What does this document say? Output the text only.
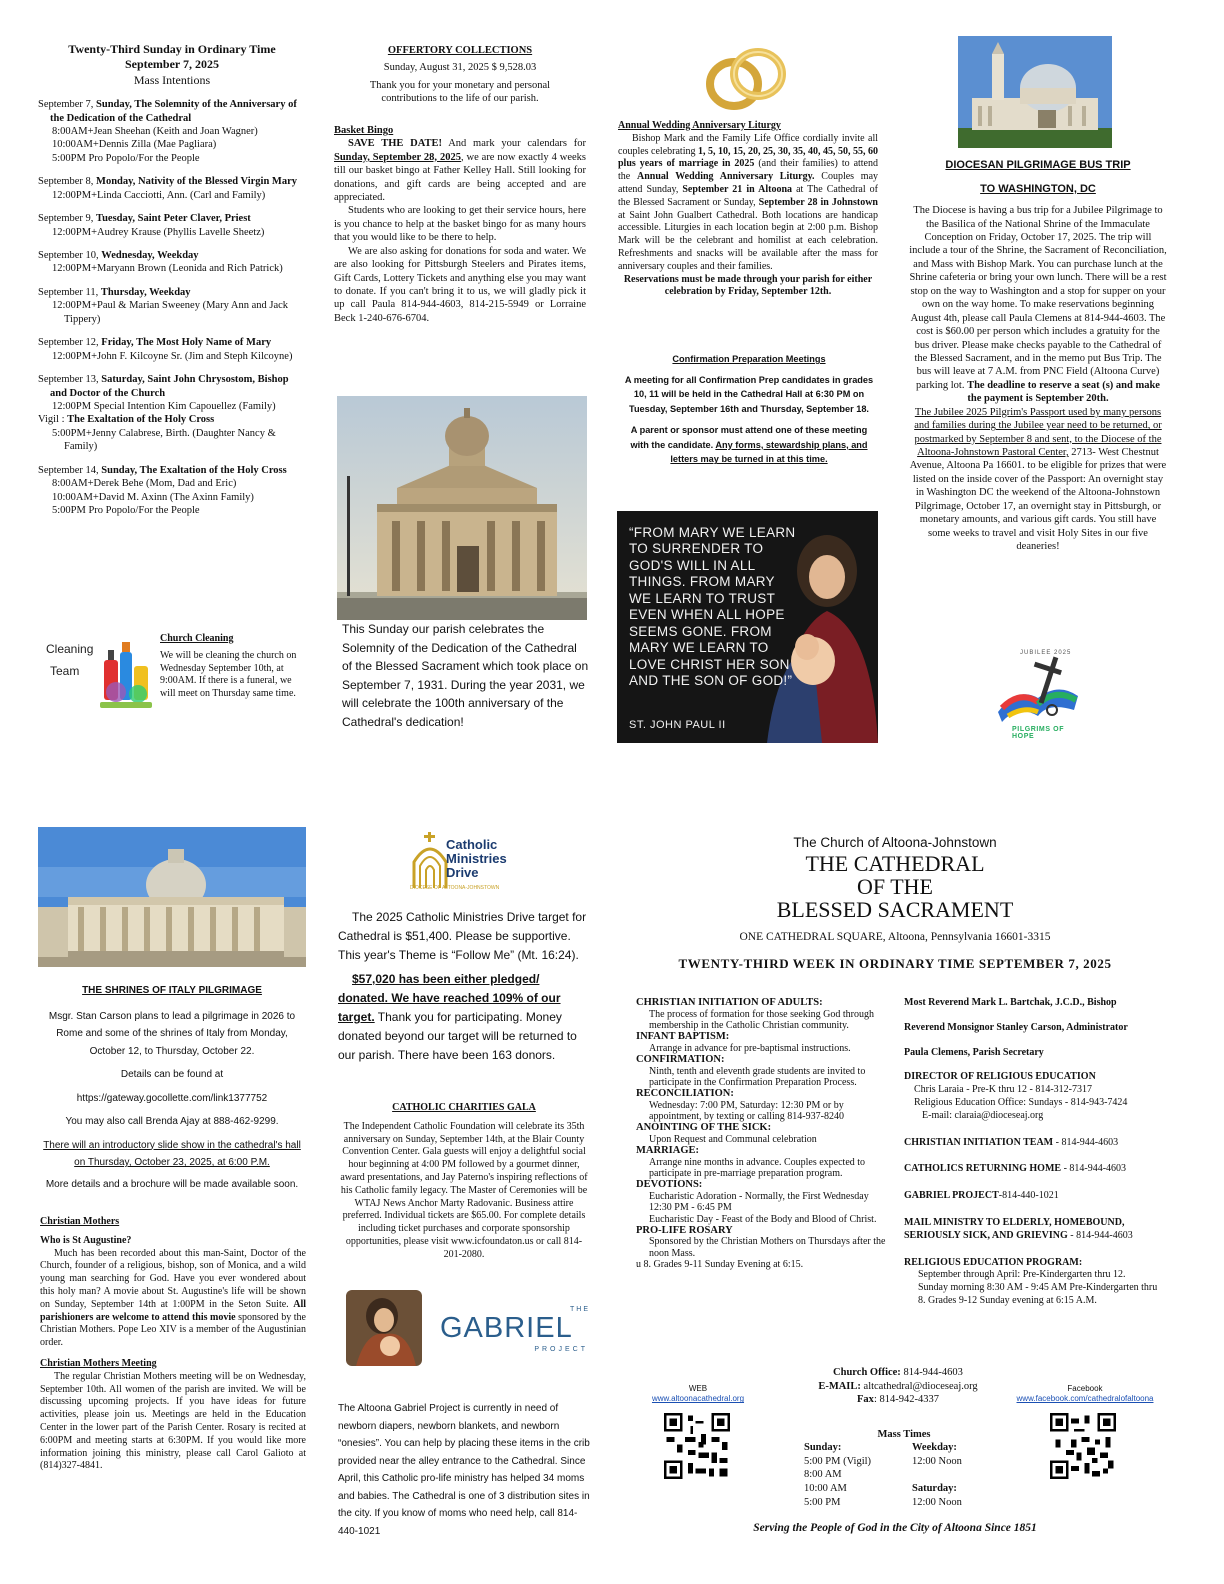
Twenty-Third Sunday in Ordinary Time
September 7, 2025
Mass Intentions
September 7, Sunday, The Solemnity of the Anniversary of the Dedication of the Cathedral
8:00AM+Jean Sheehan (Keith and Joan Wagner)
10:00AM+Dennis Zilla (Mae Pagliara)
5:00PM Pro Popolo/For the People
September 8, Monday, Nativity of the Blessed Virgin Mary
12:00PM+Linda Cacciotti, Ann. (Carl and Family)
September 9, Tuesday, Saint Peter Claver, Priest
12:00PM+Audrey Krause (Phyllis Lavelle Sheetz)
September 10, Wednesday, Weekday
12:00PM+Maryann Brown (Leonida and Rich Patrick)
September 11, Thursday, Weekday
12:00PM+Paul & Marian Sweeney (Mary Ann and Jack Tippery)
September 12, Friday, The Most Holy Name of Mary
12:00PM+John F. Kilcoyne Sr. (Jim and Steph Kilcoyne)
September 13, Saturday, Saint John Chrysostom, Bishop and Doctor of the Church
12:00PM Special Intention Kim Capouellez (Family)
Vigil : The Exaltation of the Holy Cross
5:00PM+Jenny Calabrese, Birth. (Daughter Nancy & Family)
September 14, Sunday, The Exaltation of the Holy Cross
8:00AM+Derek Behe (Mom, Dad and Eric)
10:00AM+David M. Axinn (The Axinn Family)
5:00PM Pro Popolo/For the People
Cleaning
Team
Church Cleaning
We will be cleaning the church on Wednesday September 10th, at 9:00AM. If there is a funeral, we will meet on Thursday same time.
OFFERTORY COLLECTIONS
Sunday, August 31, 2025 $ 9,528.03
Thank you for your monetary and personal contributions to the life of our parish.
Basket Bingo

SAVE THE DATE! And mark your calendars for Sunday, September 28, 2025, we are now exactly 4 weeks till our basket bingo at Father Kelley Hall. Still looking for donations, and gift cards are being accepted and are appreciated.

Students who are looking to get their service hours, here is you chance to help at the basket bingo for as many hours that you would like to be there to help.

We are also asking for donations for soda and water. We are also looking for Pittsburgh Steelers and Pirates items, Gift Cards, Lottery Tickets and anything else you may want to donate. If you can't bring it to us, we will gladly pick it up call Paula 814-944-4603, 814-215-5949 or Lorraine Beck 1-240-676-6704.

This Sunday our parish celebrates the Solemnity of the Dedication of the Cathedral of the Blessed Sacrament which took place on September 7, 1931. During the year 2031, we will celebrate the 100th anniversary of the Cathedral's dedication!
Annual Wedding Anniversary Liturgy

Bishop Mark and the Family Life Office cordially invite all couples celebrating 1, 5, 10, 15, 20, 25, 30, 35, 40, 45, 50, 55, 60 plus years of marriage in 2025 (and their families) to attend the Annual Wedding Anniversary Liturgy. Couples may attend Sunday, September 21 in Altoona at The Cathedral of the Blessed Sacrament or Sunday, September 28 in Johnstown at Saint John Gualbert Cathedral. Both locations are handicap accessible. Liturgies in each location begin at 2:00 p.m. Bishop Mark will be the celebrant and homilist at each celebration. Refreshments and snacks will be available after the mass for anniversary couples and their families.

Reservations must be made through your parish for either celebration by Friday, September 12th.

Confirmation Preparation Meetings

A meeting for all Confirmation Prep candidates in grades 10, 11 will be held in the Cathedral Hall at 6:30 PM on Tuesday, September 16th and Thursday, September 18.

A parent or sponsor must attend one of these meeting with the candidate. Any forms, stewardship plans, and letters may be turned in at this time.

“FROM MARY WE LEARN TO SURRENDER TO GOD'S WILL IN ALL THINGS. FROM MARY WE LEARN TO TRUST EVEN WHEN ALL HOPE SEEMS GONE. FROM MARY WE LEARN TO LOVE CHRIST HER SON AND THE SON OF GOD!”
ST. JOHN PAUL II
DIOCESAN PILGRIMAGE BUS TRIP
TO WASHINGTON, DC

The Diocese is having a bus trip for a Jubilee Pilgrimage to the Basilica of the National Shrine of the Immaculate Conception on Friday, October 17, 2025. The trip will include a tour of the Shrine, the Sacrament of Reconciliation, and Mass with Bishop Mark. You can purchase lunch at the Shrine cafeteria or bring your own lunch. There will be a rest stop on the way to Washington and a stop for supper on your own on the way home. To make reservations beginning August 4th, please call Paula Clemens at 814-944-4603. The cost is $60.00 per person which includes a gratuity for the bus driver. Please make checks payable to the Cathedral of the Blessed Sacrament, and in the memo put Bus Trip. The bus will leave at 7 A.M. from PNC Field (Altoona Curve) parking lot. The deadline to reserve a seat (s) and make the payment is September 20th.

The Jubilee 2025 Pilgrim's Passport used by many persons and families during the Jubilee year need to be returned, or postmarked by September 8 and sent, to the Diocese of the Altoona-Johnstown Pastoral Center, 2713- West Chestnut Avenue, Altoona Pa 16601. to be eligible for prizes that were listed on the inside cover of the Passport: An overnight stay in Washington DC the weekend of the Altoona-Johnstown Pilgrimage, October 17, an overnight stay in Pittsburgh, or monetary amounts, and various gift cards. You still have some weeks to travel and visit Holy Sites in our five deaneries!

JUBILEE 2025
PILGRIMS OF HOPE
THE SHRINES OF ITALY PILGRIMAGE

Msgr. Stan Carson plans to lead a pilgrimage in 2026 to Rome and some of the shrines of Italy from Monday, October 12, to Thursday, October 22.

Details can be found at

https://gateway.gocollette.com/link1377752

You may also call Brenda Ajay at 888-462-9299.

There will an introductory slide show in the cathedral's hall on Thursday, October 23, 2025, at 6:00 P.M.

More details and a brochure will be made available soon.

Christian Mothers
Who is St Augustine?

Much has been recorded about this man-Saint, Doctor of the Church, founder of a religious, bishop, son of Monica, and a wild young man searching for God. Have you ever wondered about this holy man? A movie about St. Augustine's life will be shown on Sunday, September 14th at 1:00PM in the Seton Suite. All parishioners are welcome to attend this movie sponsored by the Christian Mothers. Pope Leo XIV is a member of the Augustinian order.

Christian Mothers Meeting

The regular Christian Mothers meeting will be on Wednesday, September 10th. All women of the parish are invited. We will be discussing upcoming projects. If you have ideas for future activities, please join us. Meetings are held in the Education Center in the lower part of the Parish Center. Rosary is recited at 6:00PM and meeting starts at 6:30PM. If you would like more information joining this ministry, please call Carol Galioto at (814)327-4841.

Catholic
Ministries
Drive
DIOCESE OF ALTOONA-JOHNSTOWN

The 2025 Catholic Ministries Drive target for Cathedral is $51,400. Please be supportive. This year's Theme is “Follow Me” (Mt. 16:24).

$57,020 has been either pledged/ donated. We have reached 109% of our target. Thank you for participating. Money donated beyond our target will be returned to our parish. There have been 163 donors.

CATHOLIC CHARITIES GALA

The Independent Catholic Foundation will celebrate its 35th anniversary on Sunday, September 14th, at the Blair County Convention Center. Gala guests will enjoy a delightful social hour beginning at 4:00 PM followed by a gourmet dinner, award presentations, and Jay Paterno's inspiring reflections of his Catholic family legacy. The Master of Ceremonies will be WTAJ News Anchor Marty Radovanic. Business attire preferred. Individual tickets are $65.00. For complete details including ticket purchases and corporate sponsorship opportunities, please visit www.icfoundaton.us or call 814-201-2080.

THE
GABRIEL
PROJECT

The Altoona Gabriel Project is currently in need of newborn diapers, newborn blankets, and newborn “onesies”. You can help by placing these items in the crib provided near the alley entrance to the Cathedral. Since April, this Catholic pro-life ministry has helped 34 moms and babies. The Cathedral is one of 3 distribution sites in the city. If you know of moms who need help, call 814-440-1021

The Church of Altoona-Johnstown
THE CATHEDRAL
OF THE
BLESSED SACRAMENT
ONE CATHEDRAL SQUARE, Altoona, Pennsylvania 16601-3315
TWENTY-THIRD WEEK IN ORDINARY TIME SEPTEMBER 7, 2025
CHRISTIAN INITIATION OF ADULTS:
The process of formation for those seeking God through membership in the Catholic Christian community.
INFANT BAPTISM:
Arrange in advance for pre-baptismal instructions.
CONFIRMATION:
Ninth, tenth and eleventh grade students are invited to participate in the Confirmation Preparation Process.
RECONCILIATION:
Wednesday: 7:00 PM, Saturday: 12:30 PM or by appointment, by texting or calling 814-937-8240
ANOINTING OF THE SICK:
Upon Request and Communal celebration
MARRIAGE:
Arrange nine months in advance. Couples expected to participate in pre-marriage preparation program.
DEVOTIONS:
Eucharistic Adoration - Normally, the First Wednesday 12:30 PM - 6:45 PM
Eucharistic Day - Feast of the Body and Blood of Christ.
PRO-LIFE ROSARY
Sponsored by the Christian Mothers on Thursdays after the noon Mass.
u 8. Grades 9-11 Sunday Evening at 6:15.
Most Reverend Mark L. Bartchak, J.C.D., Bishop
Reverend Monsignor Stanley Carson, Administrator
Paula Clemens, Parish Secretary
DIRECTOR OF RELIGIOUS EDUCATION
Chris Laraia - Pre-K thru 12 - 814-312-7317
Religious Education Office: Sundays - 814-943-7424
E-mail: claraia@dioceseaj.org
CHRISTIAN INITIATION TEAM - 814-944-4603
CATHOLICS RETURNING HOME - 814-944-4603
GABRIEL PROJECT-814-440-1021
MAIL MINISTRY TO ELDERLY, HOMEBOUND, SERIOUSLY SICK, AND GRIEVING - 814-944-4603
RELIGIOUS EDUCATION PROGRAM:
September through April: Pre-Kindergarten thru 12.
Sunday morning 8:30 AM - 9:45 AM Pre-Kindergarten thru 8. Grades 9-12 Sunday evening at 6:15 A.M.
Church Office: 814-944-4603
E-MAIL: altcathedral@dioceseaj.org
Fax: 814-942-4337
WEB
www.altoonacathedral.org
Facebook
www.facebook.com/cathedralofaltoona
Mass Times
Sunday:
5:00 PM (Vigil)
8:00 AM
10:00 AM
5:00 PM
Weekday:
12:00 Noon
Saturday:
12:00 Noon
Serving the People of God in the City of Altoona Since 1851
